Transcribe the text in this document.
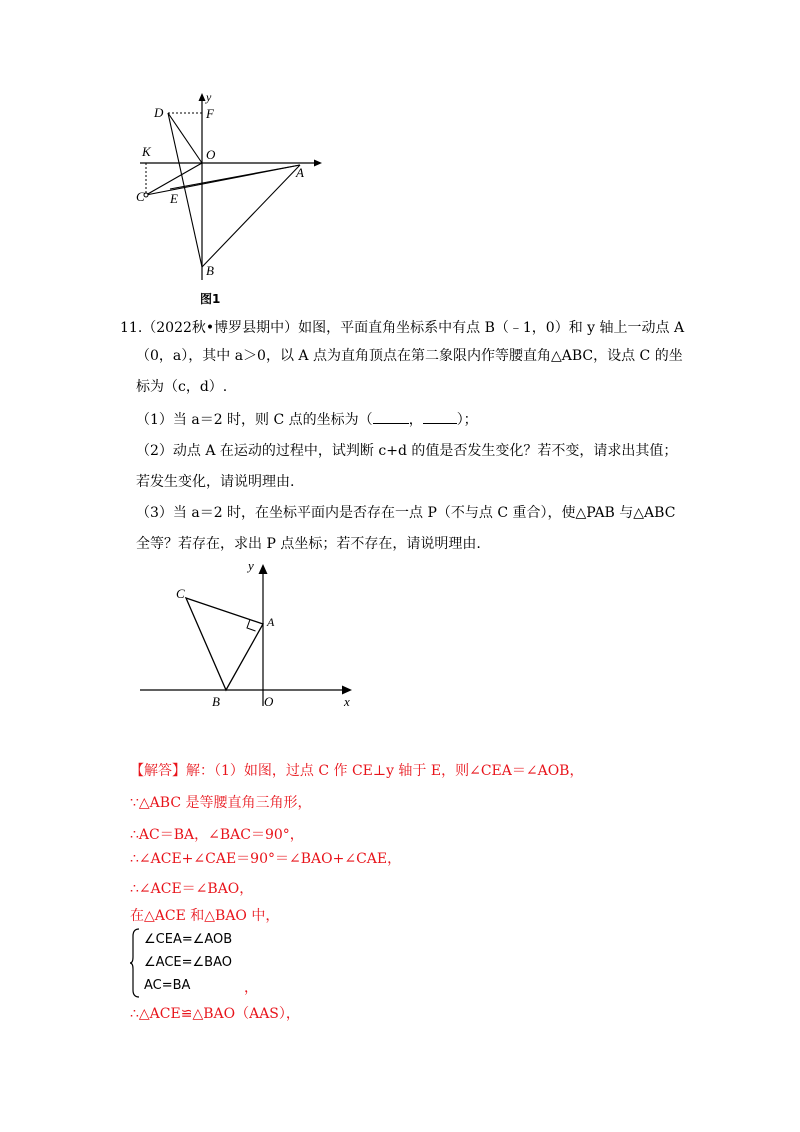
y
D	F
K	O
A
C E
B
图1
11.（2022秋•博罗县期中）如图，平面直角坐标系中有点 B（﹣1，0）和 y 轴上一动点 A
（0，a），其中 a＞0，以 A 点为直角顶点在第二象限内作等腰直角△ABC，设点 C 的坐
标为（c，d）.
（1）当 a＝2 时，则 C 点的坐标为（	， ）；
（2）动点 A 在运动的过程中，试判断 c+d 的值是否发生变化？若不变，请求出其值；
若发生变化，请说明理由.
（3）当 a＝2 时，在坐标平面内是否存在一点 P（不与点 C 重合），使△PAB 与△ABC
全等？若存在，求出 P 点坐标；若不存在，请说明理由.
y
C
A
B	O	x
【解答】解：（1）如图，过点 C 作 CE⊥y 轴于 E，则∠CEA＝∠AOB，
∵△ABC 是等腰直角三角形，
∴AC＝BA，∠BAC＝90°，
∴∠ACE+∠CAE＝90°＝∠BAO+∠CAE，
∴∠ACE＝∠BAO，
在△ACE 和△BAO 中，
∠CEA=∠AOB
∠ACE=∠BAO
AC=BA	，
∴△ACE≌△BAO（AAS），
